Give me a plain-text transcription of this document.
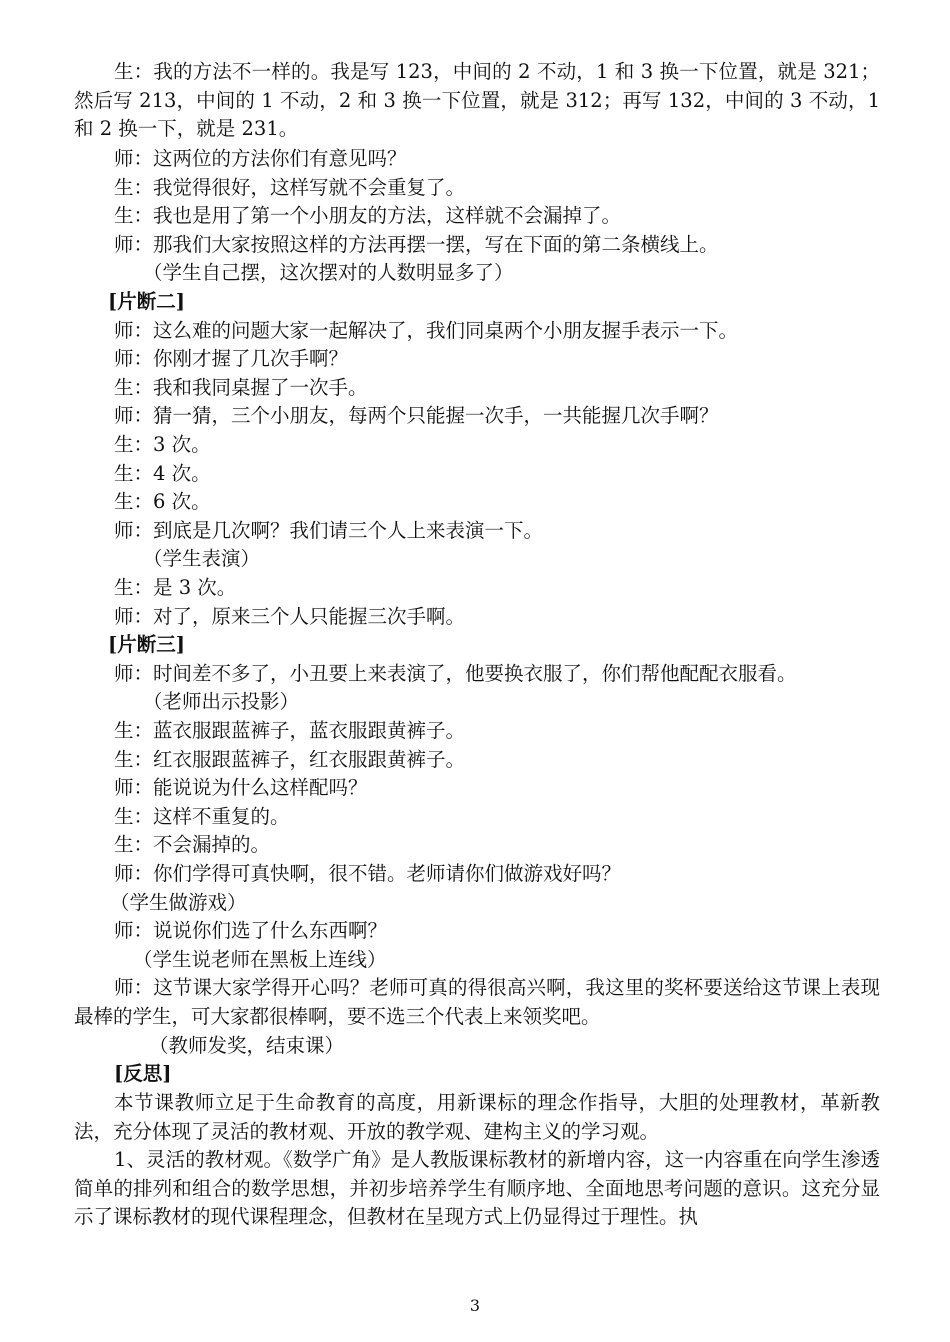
生：我的方法不一样的。我是写 123，中间的 2 不动，1 和 3 换一下位置，就是 321；然后写 213，中间的 1 不动，2 和 3 换一下位置，就是 312；再写 132，中间的 3 不动，1 和 2 换一下，就是 231。

师：这两位的方法你们有意见吗？
生：我觉得很好，这样写就不会重复了。
生：我也是用了第一个小朋友的方法，这样就不会漏掉了。
师：那我们大家按照这样的方法再摆一摆，写在下面的第二条横线上。
（学生自己摆，这次摆对的人数明显多了）
[片断二]
师：这么难的问题大家一起解决了，我们同桌两个小朋友握手表示一下。
师：你刚才握了几次手啊？
生：我和我同桌握了一次手。
师：猜一猜，三个小朋友，每两个只能握一次手，一共能握几次手啊？
生：3 次。
生：4 次。
生：6 次。
师：到底是几次啊？我们请三个人上来表演一下。
（学生表演）
生：是 3 次。
师：对了，原来三个人只能握三次手啊。
[片断三]
师：时间差不多了，小丑要上来表演了，他要换衣服了，你们帮他配配衣服看。
（老师出示投影）
生：蓝衣服跟蓝裤子，蓝衣服跟黄裤子。
生：红衣服跟蓝裤子，红衣服跟黄裤子。
师：能说说为什么这样配吗？
生：这样不重复的。
生：不会漏掉的。
师：你们学得可真快啊，很不错。老师请你们做游戏好吗？
（学生做游戏）
师：说说你们选了什么东西啊？
（学生说老师在黑板上连线）

师：这节课大家学得开心吗？老师可真的得很高兴啊，我这里的奖杯要送给这节课上表现最棒的学生，可大家都很棒啊，要不选三个代表上来领奖吧。

（教师发奖，结束课）
[反思]

本节课教师立足于生命教育的高度，用新课标的理念作指导，大胆的处理教材，革新教法，充分体现了灵活的教材观、开放的教学观、建构主义的学习观。

1、灵活的教材观。《数学广角》是人教版课标教材的新增内容，这一内容重在向学生渗透简单的排列和组合的数学思想，并初步培养学生有顺序地、全面地思考问题的意识。这充分显示了课标教材的现代课程理念，但教材在呈现方式上仍显得过于理性。执

3
